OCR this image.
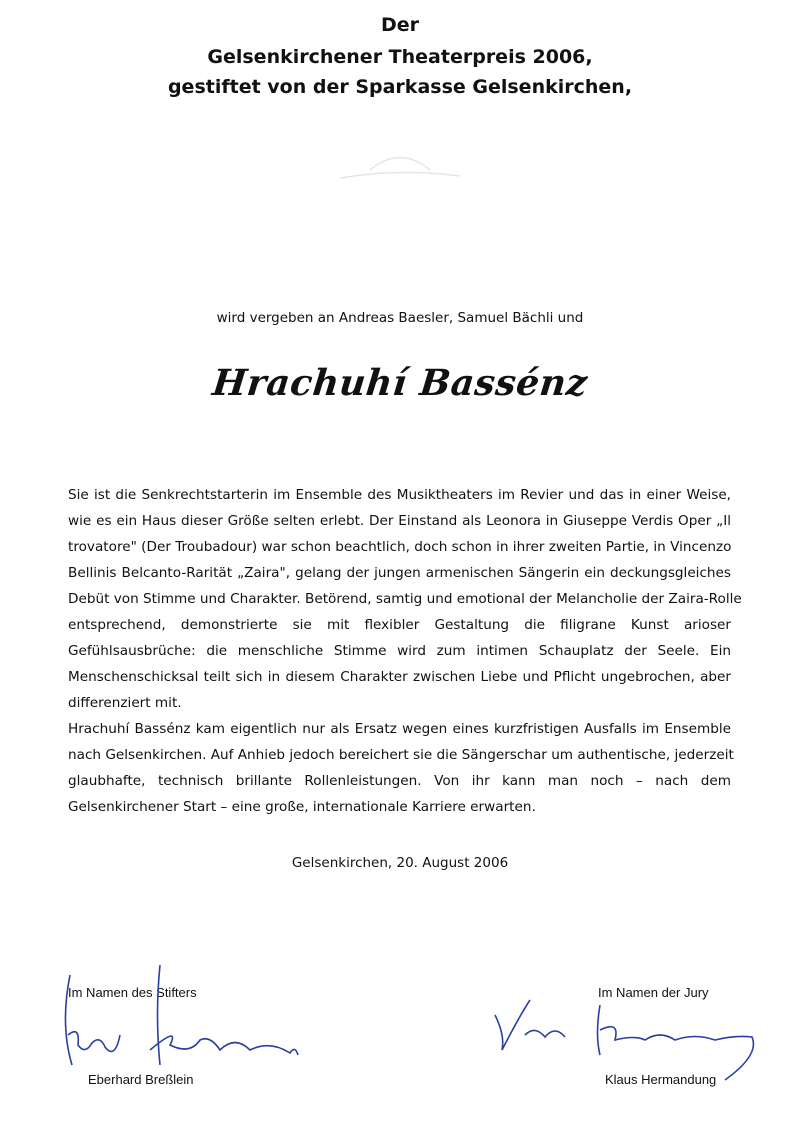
Der
Gelsenkirchener Theaterpreis 2006,
gestiftet von der Sparkasse Gelsenkirchen,
wird vergeben an Andreas Baesler, Samuel Bächli und
Hrachuhí Bassénz
Sie ist die Senkrechtstarterin im Ensemble des Musiktheaters im Revier und das in einer Weise,
wie es ein Haus dieser Größe selten erlebt. Der Einstand als Leonora in Giuseppe Verdis Oper „Il
trovatore" (Der Troubadour) war schon beachtlich, doch schon in ihrer zweiten Partie, in Vincenzo
Bellinis Belcanto-Rarität „Zaira", gelang der jungen armenischen Sängerin ein deckungsgleiches
Debüt von Stimme und Charakter. Betörend, samtig und emotional der Melancholie der Zaira-Rolle
entsprechend, demonstrierte sie mit flexibler Gestaltung die filigrane Kunst arioser
Gefühlsausbrüche: die menschliche Stimme wird zum intimen Schauplatz der Seele. Ein
Menschenschicksal teilt sich in diesem Charakter zwischen Liebe und Pflicht ungebrochen, aber
differenziert mit.
Hrachuhí Bassénz kam eigentlich nur als Ersatz wegen eines kurzfristigen Ausfalls im Ensemble
nach Gelsenkirchen. Auf Anhieb jedoch bereichert sie die Sängerschar um authentische, jederzeit
glaubhafte, technisch brillante Rollenleistungen. Von ihr kann man noch – nach dem
Gelsenkirchener Start – eine große, internationale Karriere erwarten.
Gelsenkirchen, 20. August 2006
Im Namen des Stifters
Eberhard Breßlein
Im Namen der Jury
Klaus Hermandung
